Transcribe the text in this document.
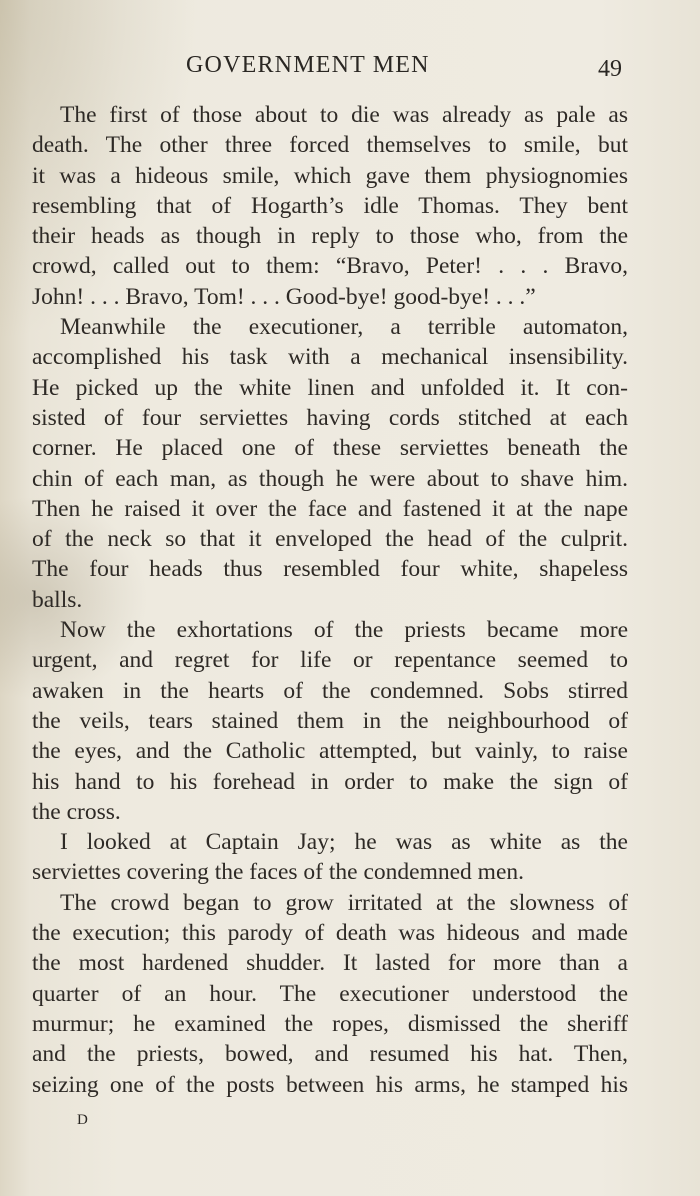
GOVERNMENT MEN	49
The first of those about to die was already as pale as
death. The other three forced themselves to smile, but
it was a hideous smile, which gave them physiognomies
resembling that of Hogarth’s idle Thomas. They bent
their heads as though in reply to those who, from the
crowd, called out to them: “Bravo, Peter! . . . Bravo,
John! . . . Bravo, Tom! . . . Good-bye! good-bye! . . .”
Meanwhile the executioner, a terrible automaton,
accomplished his task with a mechanical insensibility.
He picked up the white linen and unfolded it. It con-
sisted of four serviettes having cords stitched at each
corner. He placed one of these serviettes beneath the
chin of each man, as though he were about to shave him.
Then he raised it over the face and fastened it at the nape
of the neck so that it enveloped the head of the culprit.
The four heads thus resembled four white, shapeless
balls.
Now the exhortations of the priests became more
urgent, and regret for life or repentance seemed to
awaken in the hearts of the condemned. Sobs stirred
the veils, tears stained them in the neighbourhood of
the eyes, and the Catholic attempted, but vainly, to raise
his hand to his forehead in order to make the sign of
the cross.
I looked at Captain Jay; he was as white as the
serviettes covering the faces of the condemned men.
The crowd began to grow irritated at the slowness of
the execution; this parody of death was hideous and made
the most hardened shudder. It lasted for more than a
quarter of an hour. The executioner understood the
murmur; he examined the ropes, dismissed the sheriff
and the priests, bowed, and resumed his hat. Then,
seizing one of the posts between his arms, he stamped his
D
